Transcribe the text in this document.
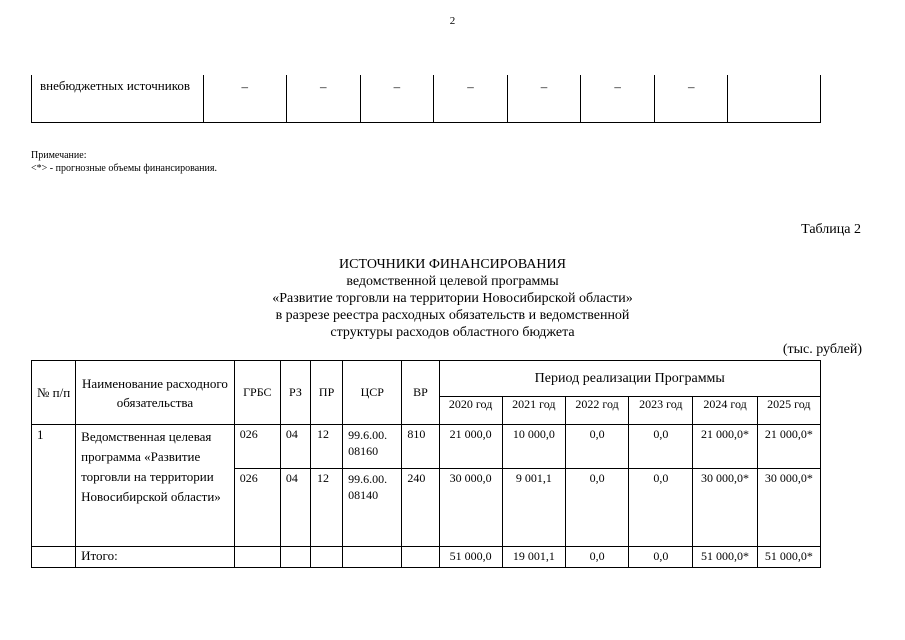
2
внебюджетных источников	–	–	–	–	–	–	–	
Примечание:
<*> - прогнозные объемы финансирования.
Таблица 2
ИСТОЧНИКИ ФИНАНСИРОВАНИЯ
ведомственной целевой программы
«Развитие торговли на территории Новосибирской области»
в разрезе реестра расходных обязательств и ведомственной
структуры расходов областного бюджета
(тыс. рублей)
№ п/п	Наименование расходного обязательства	ГРБС	РЗ	ПР	ЦСР	ВР	Период реализации Программы					
							2020 год	2021 год	2022 год	2023 год	2024 год	2025 год
1	Ведомственная целевая программа «Развитие торговли на территории Новосибирской области»	026	04	12	99.6.00. 08160	810	21 000,0	10 000,0	0,0	0,0	21 000,0*	21 000,0*
		026	04	12	99.6.00. 08140	240	30 000,0	9 001,1	0,0	0,0	30 000,0*	30 000,0*
	Итого:						51 000,0	19 001,1	0,0	0,0	51 000,0*	51 000,0*
